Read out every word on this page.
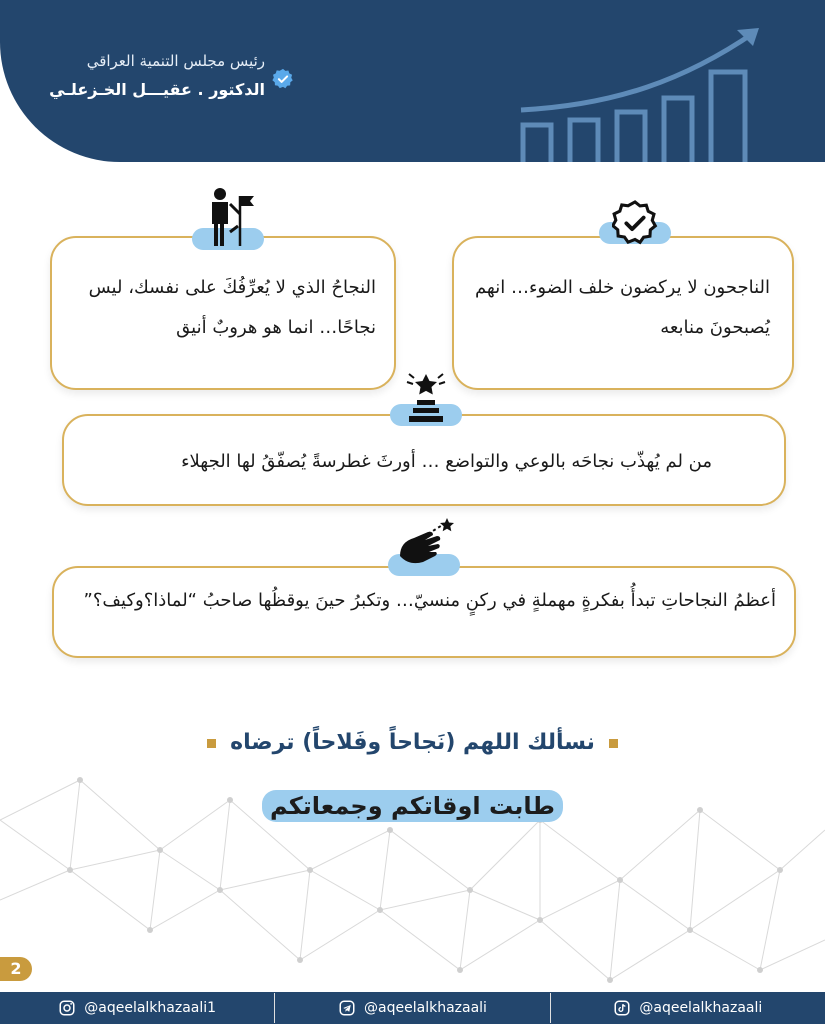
رئيس مجلس التنمية العراقي
الدكتور . عقيـــل الخـزعلـي
الناجحون لا يركضون خلف الضوء… انهم يُصبحونَ منابعه
النجاحُ الذي لا يُعرِّفُكَ على نفسك، ليس نجاحًا… انما هو هروبٌ أنيق
من لم يُهذّب نجاحَه بالوعي والتواضع … أورثَ غطرسةً يُصفّقُ لها الجهلاء
أعظمُ النجاحاتِ تبدأُ بفكرةٍ مهملةٍ في ركنٍ منسيّ… وتكبرُ حينَ يوقظُها صاحبُ “لماذا؟وكيف؟”
نسألك اللهم (نَجاحاً وفَلاحاً) ترضاه
طابت اوقاتكم وجمعاتكم
2
@aqeelalkhazaali1	@aqeelalkhazaali	@aqeelalkhazaali
